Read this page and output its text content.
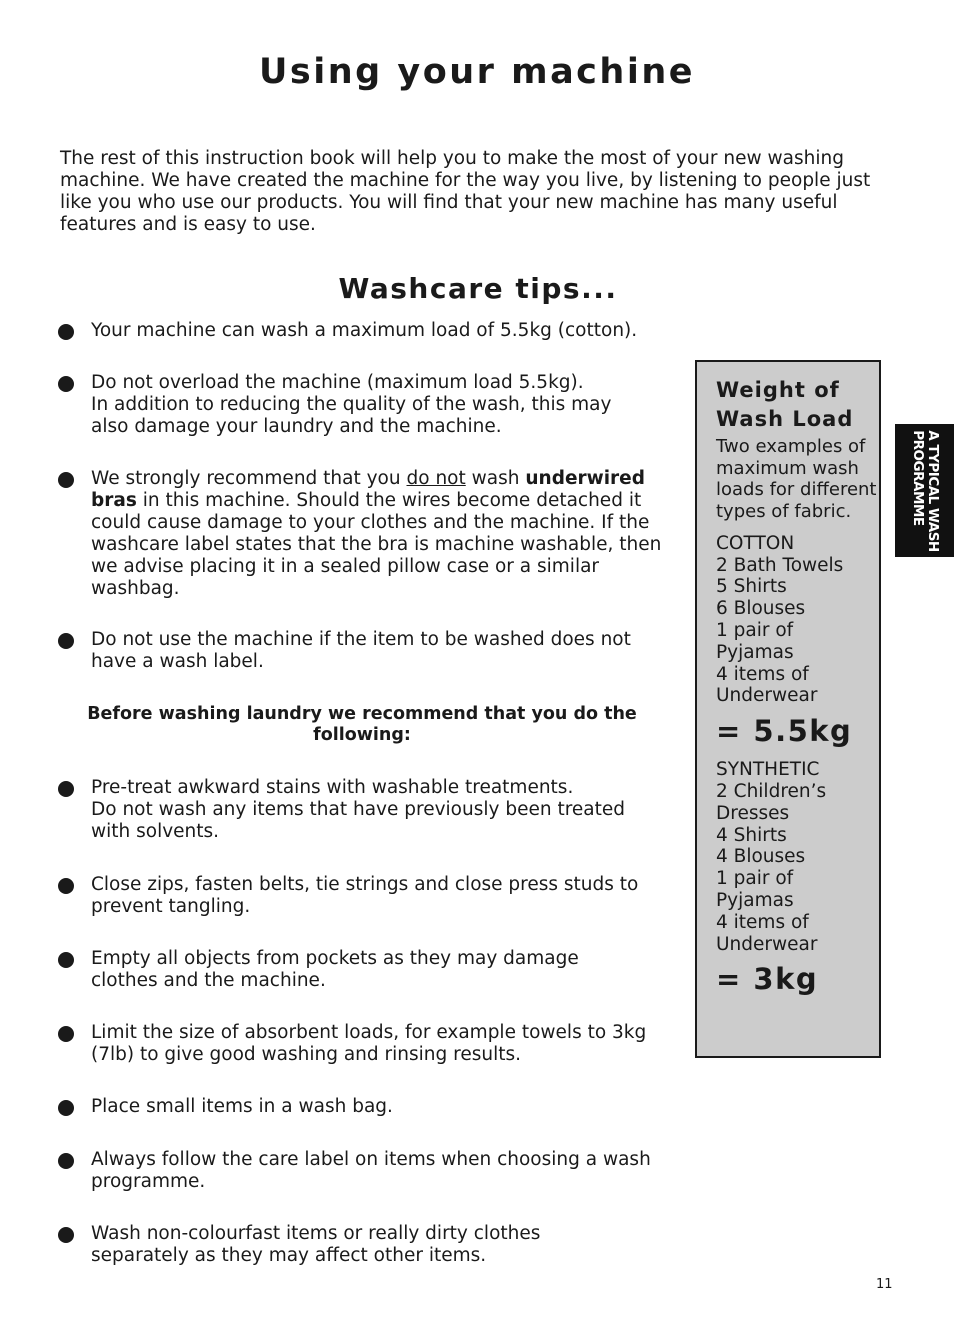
Using your machine

The rest of this instruction book will help you to make the most of your new washing machine. We have created the machine for the way you live, by listening to people just like you who use our products. You will find that your new machine has many useful features and is easy to use.

Washcare tips...
Your machine can wash a maximum load of 5.5kg (cotton).
Do not overload the machine (maximum load 5.5kg).
In addition to reducing the quality of the wash, this may
also damage your laundry and the machine.
We strongly recommend that you do not wash underwired
bras in this machine. Should the wires become detached it
could cause damage to your clothes and the machine. If the
washcare label states that the bra is machine washable, then
we advise placing it in a sealed pillow case or a similar
washbag.
Do not use the machine if the item to be washed does not
have a wash label.
Before washing laundry we recommend that you do the
following:
Pre-treat awkward stains with washable treatments.
Do not wash any items that have previously been treated
with solvents.
Close zips, fasten belts, tie strings and close press studs to
prevent tangling.
Empty all objects from pockets as they may damage
clothes and the machine.
Limit the size of absorbent loads, for example towels to 3kg
(7lb) to give good washing and rinsing results.
Place small items in a wash bag.
Always follow the care label on items when choosing a wash
programme.
Wash non-colourfast items or really dirty clothes
separately as they may affect other items.
Weight of
Wash Load
Two examples of maximum wash loads for different types of fabric.
COTTON
2 Bath Towels
5 Shirts
6 Blouses
1 pair of
Pyjamas
4 items of
Underwear
= 5.5kg
SYNTHETIC
2 Children’s
Dresses
4 Shirts
4 Blouses
1 pair of
Pyjamas
4 items of
Underwear
= 3kg
A TYPICAL WASH
PROGRAMME
11
